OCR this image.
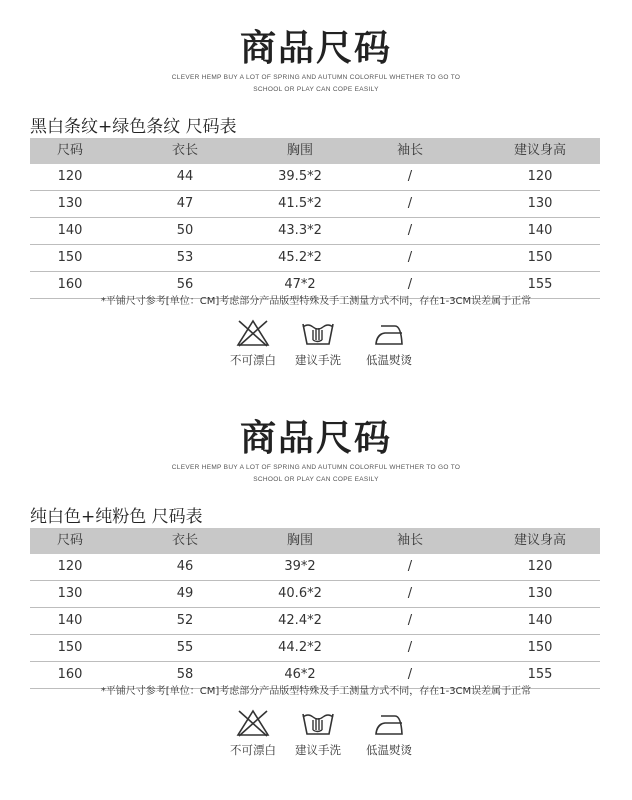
商品尺码
CLEVER HEMP BUY A LOT OF SPRING AND AUTUMN COLORFUL WHETHER TO GO TO
SCHOOL OR PLAY CAN COPE EASILY
黑白条纹+绿色条纹 尺码表
尺码	衣长	胸围	袖长	建议身高
120	44	39.5*2	/	120
130	47	41.5*2	/	130
140	50	43.3*2	/	140
150	53	45.2*2	/	150
160	56	47*2	/	155
*平铺尺寸参考[单位：CM]考虑部分产品版型特殊及手工测量方式不同，存在1-3CM误差属于正常
不可漂白	建议手洗	低温熨烫
商品尺码
CLEVER HEMP BUY A LOT OF SPRING AND AUTUMN COLORFUL WHETHER TO GO TO
SCHOOL OR PLAY CAN COPE EASILY
纯白色+纯粉色 尺码表
尺码	衣长	胸围	袖长	建议身高
120	46	39*2	/	120
130	49	40.6*2	/	130
140	52	42.4*2	/	140
150	55	44.2*2	/	150
160	58	46*2	/	155
*平铺尺寸参考[单位：CM]考虑部分产品版型特殊及手工测量方式不同，存在1-3CM误差属于正常
不可漂白	建议手洗	低温熨烫
